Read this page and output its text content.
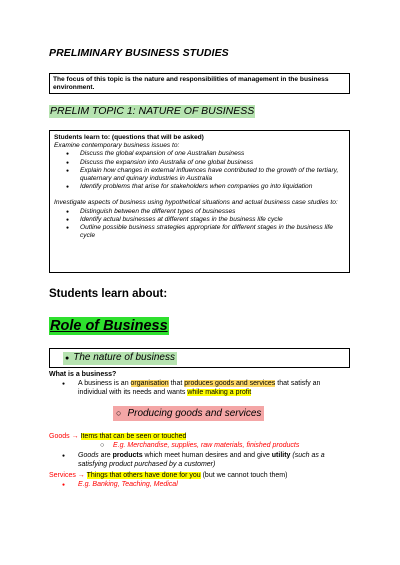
PRELIMINARY BUSINESS STUDIES
The focus of this topic is the nature and responsibilities of management in the business environment.
PRELIM TOPIC 1: NATURE OF BUSINESS
Students learn to: (questions that will be asked)
Examine contemporary business issues to:
● Discuss the global expansion of one Australian business
● Discuss the expansion into Australia of one global business
● Explain how changes in external influences have contributed to the growth of the tertiary, quaternary and quinary industries in Australia
● Identify problems that arise for stakeholders when companies go into liquidation
Investigate aspects of business using hypothetical situations and actual business case studies to:
● Distinguish between the different types of businesses
● Identify actual businesses at different stages in the business life cycle
● Outline possible business strategies appropriate for different stages in the business life cycle
Students learn about:
Role of Business
● The nature of business
What is a business?
● A business is an organisation that produces goods and services that satisfy an individual with its needs and wants while making a profit
○ Producing goods and services
Goods → Items that can be seen or touched
○ E.g. Merchandise, supplies, raw materials, finished products
● Goods are products which meet human desires and and give utility (such as a satisfying product purchased by a customer)
Services → Things that others have done for you (but we cannot touch them)
● E.g. Banking, Teaching, Medical
